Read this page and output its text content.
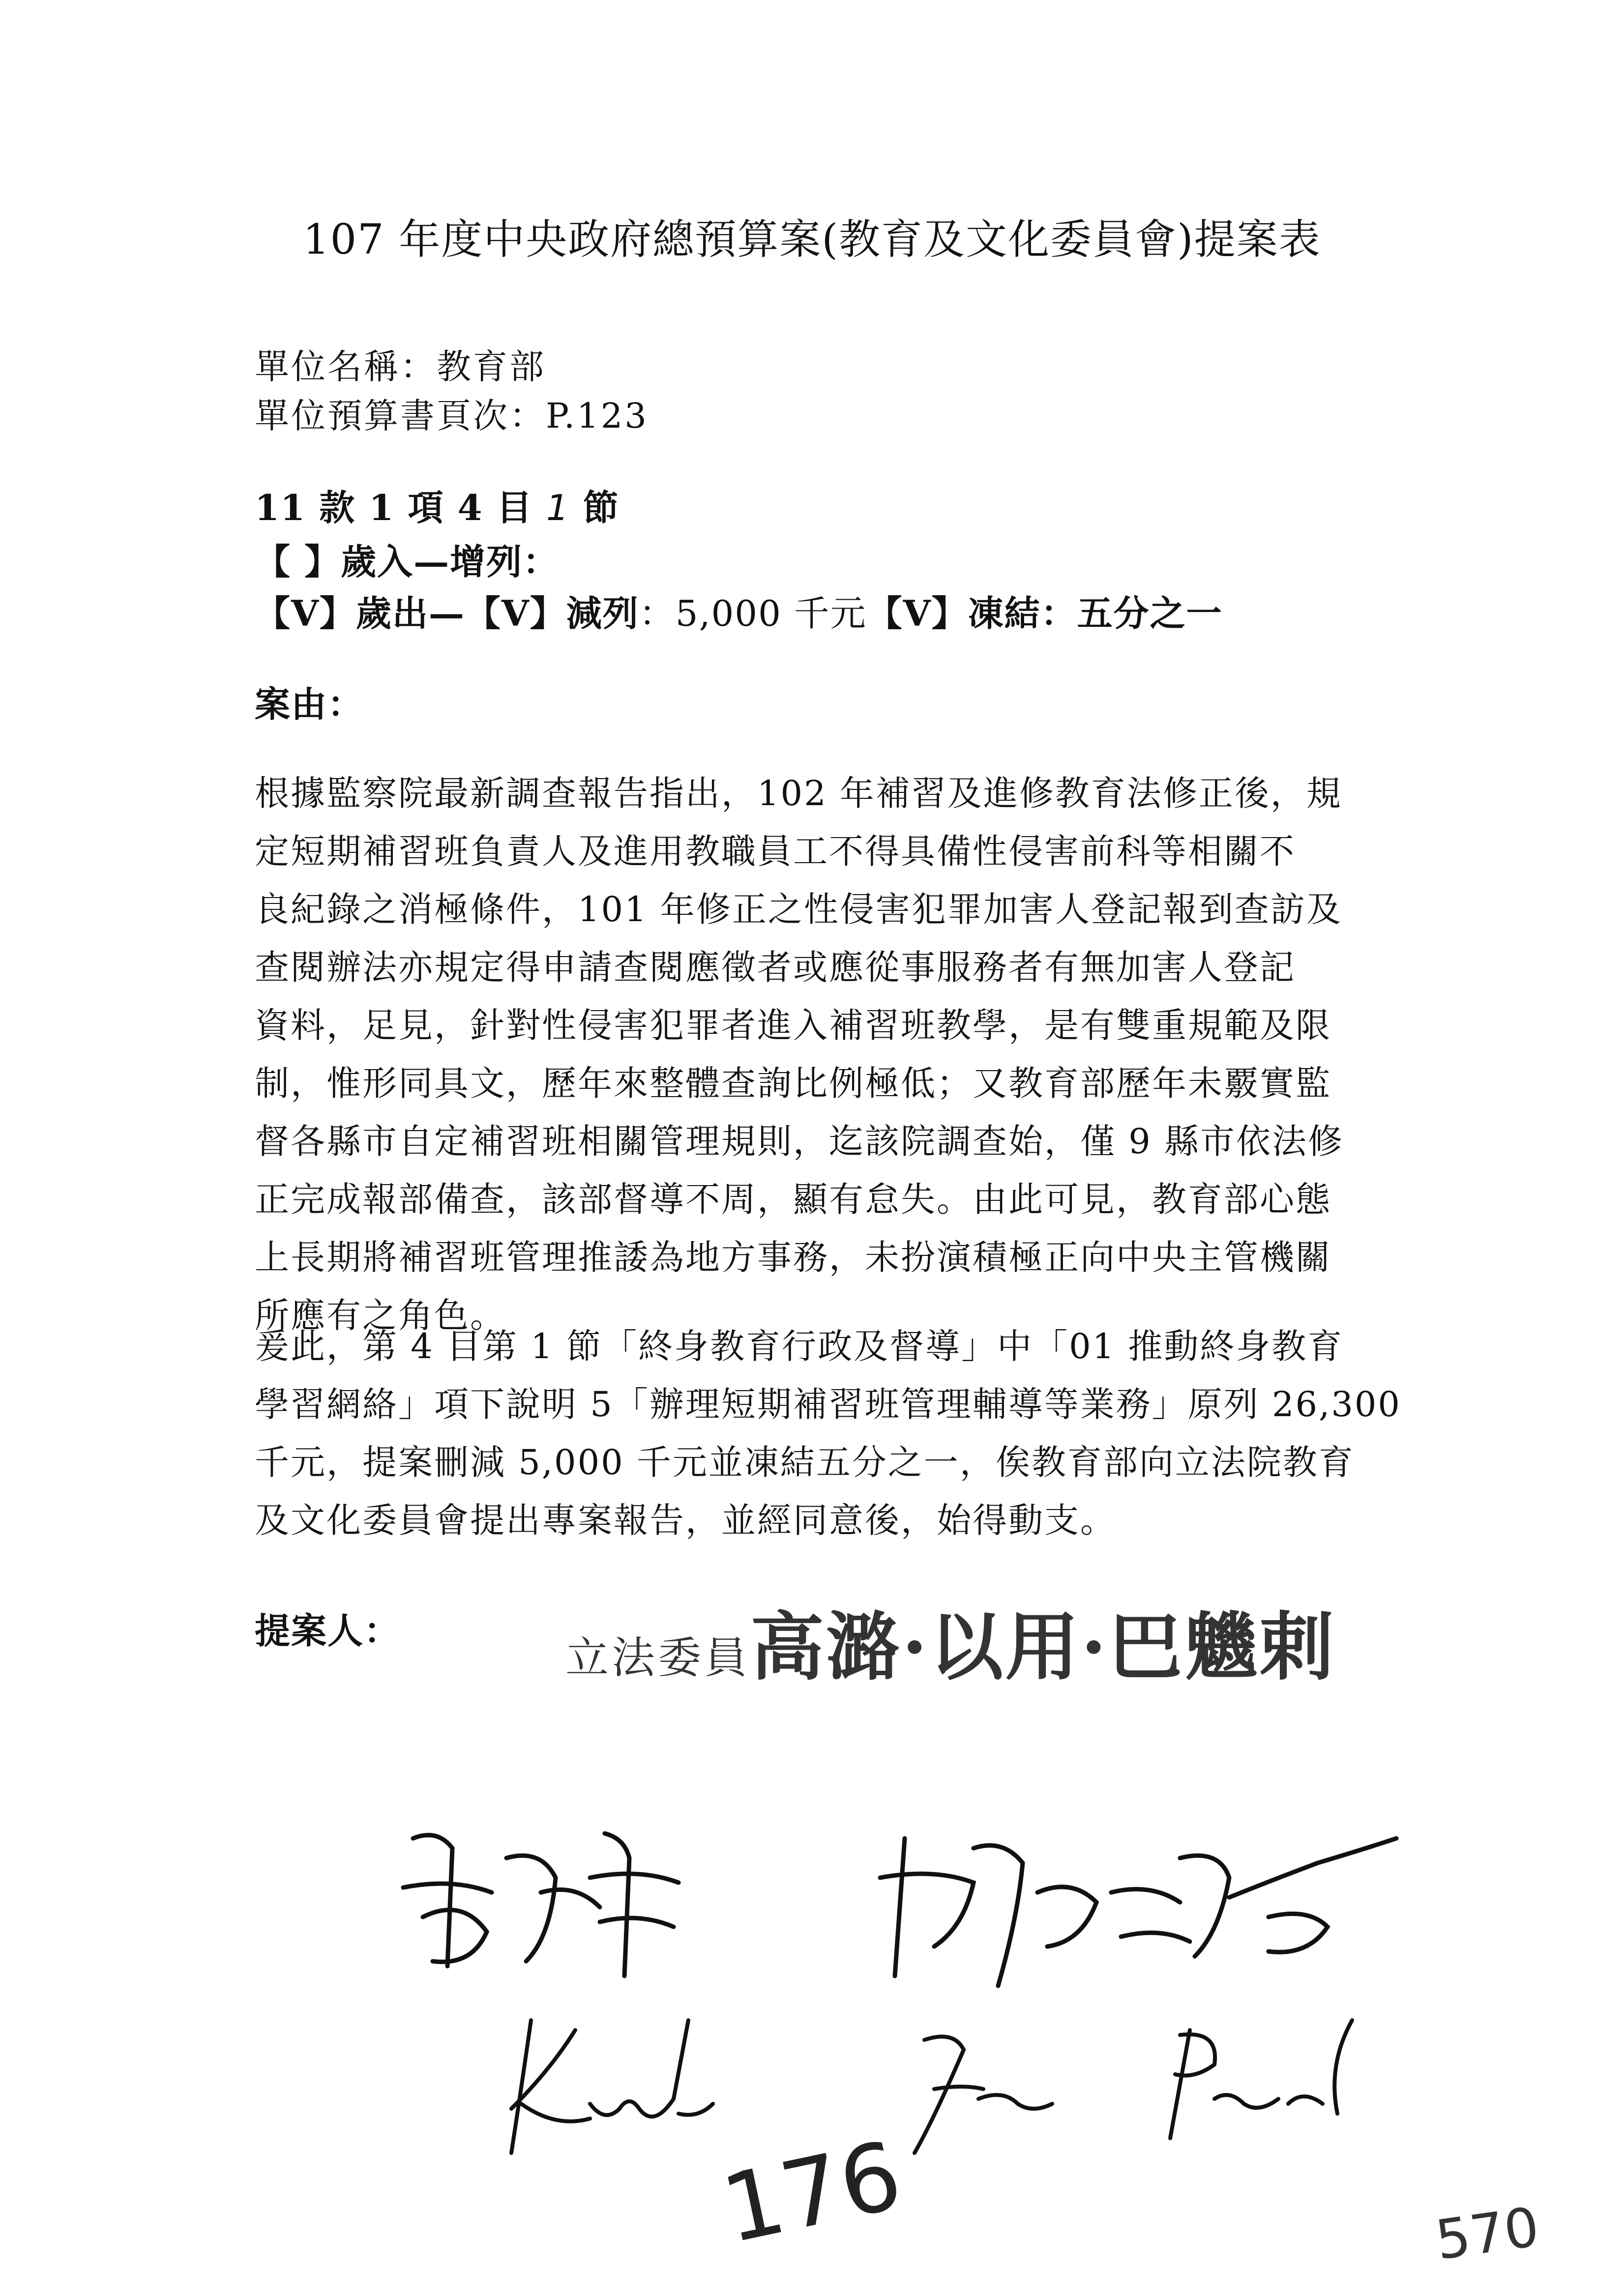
107 年度中央政府總預算案(教育及文化委員會)提案表
單位名稱：教育部
單位預算書頁次：P.123
11 款 1 項 4 目 1 節
【 】歲入—增列：
【V】歲出—【V】減列：5,000 千元【V】凍結：五分之一
案由：
根據監察院最新調查報告指出，102 年補習及進修教育法修正後，規
定短期補習班負責人及進用教職員工不得具備性侵害前科等相關不
良紀錄之消極條件，101 年修正之性侵害犯罪加害人登記報到查訪及
查閱辦法亦規定得申請查閱應徵者或應從事服務者有無加害人登記
資料，足見，針對性侵害犯罪者進入補習班教學，是有雙重規範及限
制，惟形同具文，歷年來整體查詢比例極低；又教育部歷年未覈實監
督各縣市自定補習班相關管理規則，迄該院調查始，僅 9 縣市依法修
正完成報部備查，該部督導不周，顯有怠失。由此可見，教育部心態
上長期將補習班管理推諉為地方事務，未扮演積極正向中央主管機關
所應有之角色。
爰此，第 4 目第 1 節「終身教育行政及督導」中「01 推動終身教育
學習網絡」項下說明 5「辦理短期補習班管理輔導等業務」原列 26,300
千元，提案刪減 5,000 千元並凍結五分之一，俟教育部向立法院教育
及文化委員會提出專案報告，並經同意後，始得動支。
提案人：
立法委員高潞·以用·巴魕剌
176	570
